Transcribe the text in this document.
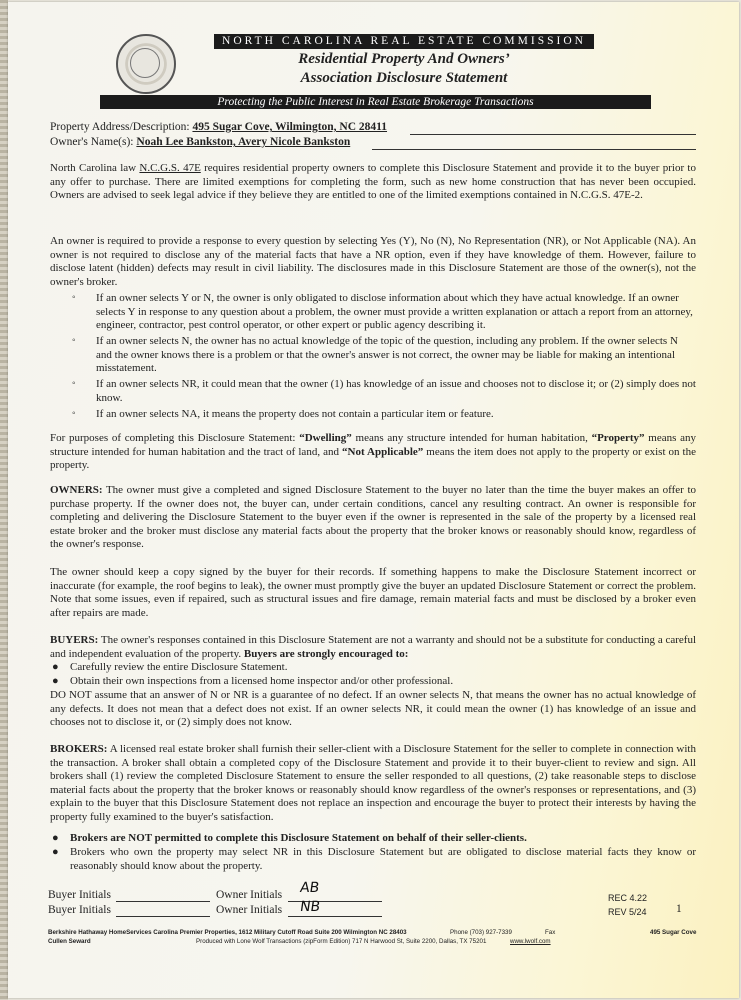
NORTH CAROLINA REAL ESTATE COMMISSION
Residential Property And Owners’
Association Disclosure Statement
Protecting the Public Interest in Real Estate Brokerage Transactions
Property Address/Description: 495 Sugar Cove, Wilmington, NC 28411
Owner's Name(s): Noah Lee Bankston, Avery Nicole Bankston

North Carolina law N.C.G.S. 47E requires residential property owners to complete this Disclosure Statement and provide it to the buyer prior to any offer to purchase. There are limited exemptions for completing the form, such as new home construction that has never been occupied. Owners are advised to seek legal advice if they believe they are entitled to one of the limited exemptions contained in N.C.G.S. 47E-2.

An owner is required to provide a response to every question by selecting Yes (Y), No (N), No Representation (NR), or Not Applicable (NA). An owner is not required to disclose any of the material facts that have a NR option, even if they have knowledge of them. However, failure to disclose latent (hidden) defects may result in civil liability. The disclosures made in this Disclosure Statement are those of the owner(s), not the owner's broker.

◦ If an owner selects Y or N, the owner is only obligated to disclose information about which they have actual knowledge. If an owner selects Y in response to any question about a problem, the owner must provide a written explanation or attach a report from an attorney, engineer, contractor, pest control operator, or other expert or public agency describing it.

◦ If an owner selects N, the owner has no actual knowledge of the topic of the question, including any problem. If the owner selects N and the owner knows there is a problem or that the owner's answer is not correct, the owner may be liable for making an intentional misstatement.

◦ If an owner selects NR, it could mean that the owner (1) has knowledge of an issue and chooses not to disclose it; or (2) simply does not know.

◦ If an owner selects NA, it means the property does not contain a particular item or feature.

For purposes of completing this Disclosure Statement: “Dwelling” means any structure intended for human habitation, “Property” means any structure intended for human habitation and the tract of land, and “Not Applicable” means the item does not apply to the property or exist on the property.

OWNERS: The owner must give a completed and signed Disclosure Statement to the buyer no later than the time the buyer makes an offer to purchase property. If the owner does not, the buyer can, under certain conditions, cancel any resulting contract. An owner is responsible for completing and delivering the Disclosure Statement to the buyer even if the owner is represented in the sale of the property by a licensed real estate broker and the broker must disclose any material facts about the property that the broker knows or reasonably should know, regardless of the owner's response.

The owner should keep a copy signed by the buyer for their records. If something happens to make the Disclosure Statement incorrect or inaccurate (for example, the roof begins to leak), the owner must promptly give the buyer an updated Disclosure Statement or correct the problem. Note that some issues, even if repaired, such as structural issues and fire damage, remain material facts and must be disclosed by a broker even after repairs are made.

BUYERS: The owner's responses contained in this Disclosure Statement are not a warranty and should not be a substitute for conducting a careful and independent evaluation of the property. Buyers are strongly encouraged to:

● Carefully review the entire Disclosure Statement.

● Obtain their own inspections from a licensed home inspector and/or other professional.

DO NOT assume that an answer of N or NR is a guarantee of no defect. If an owner selects N, that means the owner has no actual knowledge of any defects. It does not mean that a defect does not exist. If an owner selects NR, it could mean the owner (1) has knowledge of an issue and chooses not to disclose it, or (2) simply does not know.

BROKERS: A licensed real estate broker shall furnish their seller-client with a Disclosure Statement for the seller to complete in connection with the transaction. A broker shall obtain a completed copy of the Disclosure Statement and provide it to their buyer-client to review and sign. All brokers shall (1) review the completed Disclosure Statement to ensure the seller responded to all questions, (2) take reasonable steps to disclose material facts about the property that the broker knows or reasonably should know regardless of the owner's responses or representations, and (3) explain to the buyer that this Disclosure Statement does not replace an inspection and encourage the buyer to protect their interests by having the property fully examined to the buyer's satisfaction.

● Brokers are NOT permitted to complete this Disclosure Statement on behalf of their seller-clients.

● Brokers who own the property may select NR in this Disclosure Statement but are obligated to disclose material facts they know or reasonably should know about the property.

Buyer Initials
Buyer Initials
Owner Initials AB
Owner Initials NB
REC 4.22
REV 5/24	1
Berkshire Hathaway HomeServices Carolina Premier Properties, 1612 Military Cutoff Road Suite 200 Wilmington NC 28403	Phone (703) 927-7339	Fax	495 Sugar Cove
Cullen Seward	Produced with Lone Wolf Transactions (zipForm Edition) 717 N Harwood St, Suite 2200, Dallas, TX 75201	www.lwolf.com
